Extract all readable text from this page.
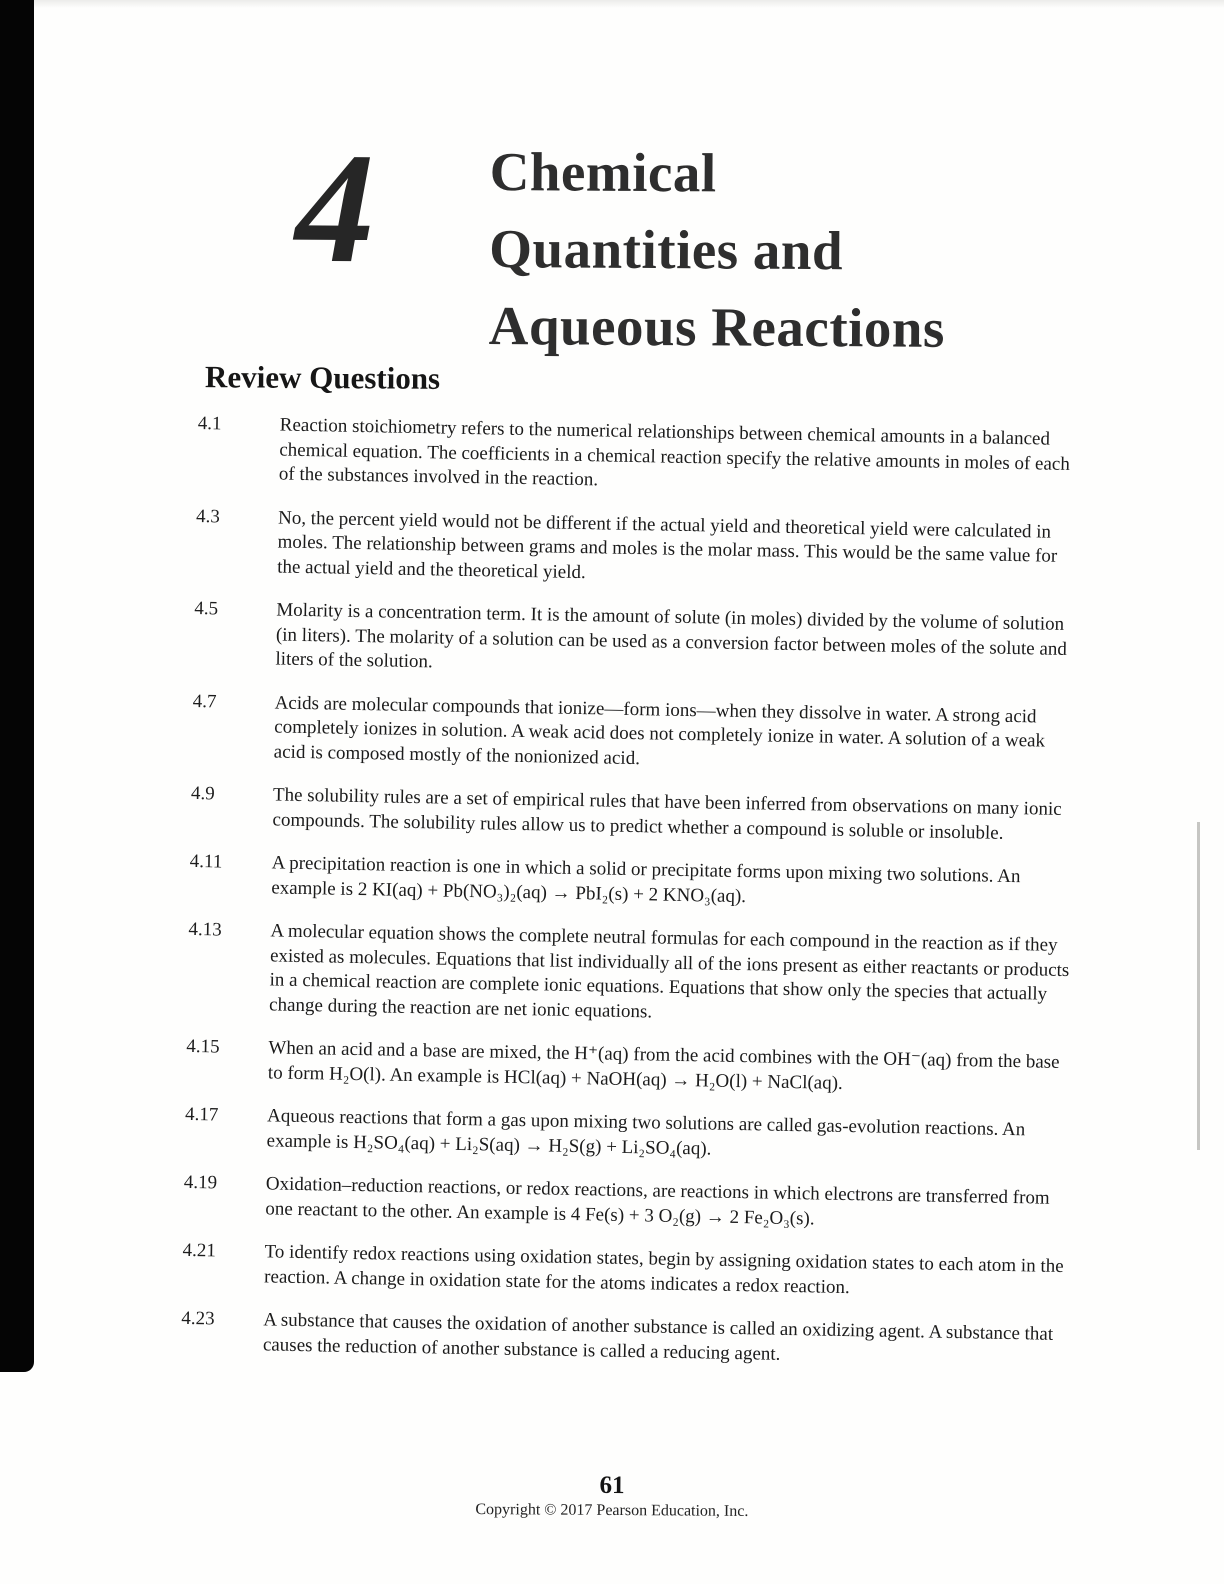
4 Chemical
Quantities and
Aqueous Reactions
Review Questions
4.1	Reaction stoichiometry refers to the numerical relationships between chemical amounts in a balanced chemical equation. The coefficients in a chemical reaction specify the relative amounts in moles of each of the substances involved in the reaction.
4.3	No, the percent yield would not be different if the actual yield and theoretical yield were calculated in moles. The relationship between grams and moles is the molar mass. This would be the same value for the actual yield and the theoretical yield.
4.5	Molarity is a concentration term. It is the amount of solute (in moles) divided by the volume of solution (in liters). The molarity of a solution can be used as a conversion factor between moles of the solute and liters of the solution.
4.7	Acids are molecular compounds that ionize—form ions—when they dissolve in water. A strong acid completely ionizes in solution. A weak acid does not completely ionize in water. A solution of a weak acid is composed mostly of the nonionized acid.
4.9	The solubility rules are a set of empirical rules that have been inferred from observations on many ionic compounds. The solubility rules allow us to predict whether a compound is soluble or insoluble.
4.11	A precipitation reaction is one in which a solid or precipitate forms upon mixing two solutions. An example is 2 KI(aq) + Pb(NO₃)₂(aq) → PbI₂(s) + 2 KNO₃(aq).
4.13	A molecular equation shows the complete neutral formulas for each compound in the reaction as if they existed as molecules. Equations that list individually all of the ions present as either reactants or products in a chemical reaction are complete ionic equations. Equations that show only the species that actually change during the reaction are net ionic equations.
4.15	When an acid and a base are mixed, the H⁺(aq) from the acid combines with the OH⁻(aq) from the base to form H₂O(l). An example is HCl(aq) + NaOH(aq) → H₂O(l) + NaCl(aq).
4.17	Aqueous reactions that form a gas upon mixing two solutions are called gas-evolution reactions. An example is H₂SO₄(aq) + Li₂S(aq) → H₂S(g) + Li₂SO₄(aq).
4.19	Oxidation–reduction reactions, or redox reactions, are reactions in which electrons are transferred from one reactant to the other. An example is 4 Fe(s) + 3 O₂(g) → 2 Fe₂O₃(s).
4.21	To identify redox reactions using oxidation states, begin by assigning oxidation states to each atom in the reaction. A change in oxidation state for the atoms indicates a redox reaction.
4.23	A substance that causes the oxidation of another substance is called an oxidizing agent. A substance that causes the reduction of another substance is called a reducing agent.
61
Copyright © 2017 Pearson Education, Inc.
